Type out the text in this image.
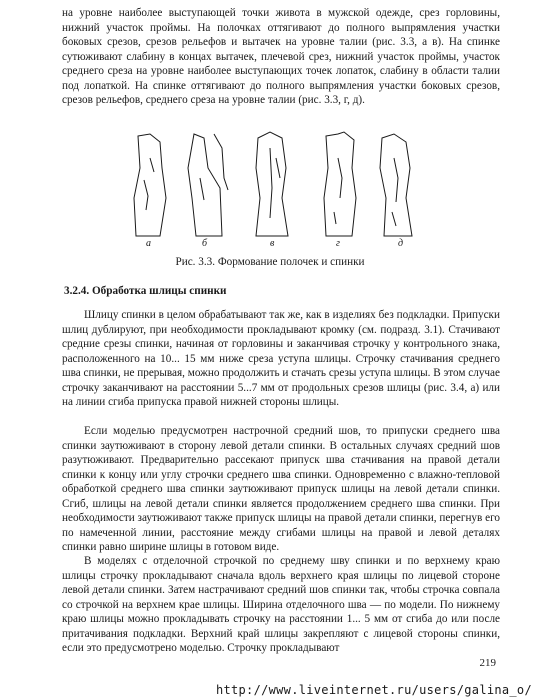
на уровне наиболее выступающей точки живота в мужской одежде, срез горловины, нижний участок проймы. На полочках оттягивают до полного выпрямления участки боковых срезов, срезов рельефов и вытачек на уровне талии (рис. 3.3, а в). На спинке сутюживают слабину в концах вытачек, плечевой срез, нижний участок проймы, участок среднего среза на уровне наиболее выступающих точек лопаток, слабину в области талии под лопаткой. На спинке оттягивают до полного выпрямления участки боковых срезов, срезов рельефов, среднего среза на уровне талии (рис. 3.3, г, д).

а	б	в	г	д

Рис. 3.3. Формование полочек и спинки

3.2.4. Обработка шлицы спинки

Шлицу спинки в целом обрабатывают так же, как в изделиях без подкладки. Припуски шлиц дублируют, при необходимости прокладывают кромку (см. подразд. 3.1). Стачивают средние срезы спинки, начиная от горловины и заканчивая строчку у контрольного знака, расположенного на 10... 15 мм ниже среза уступа шлицы. Строчку стачивания среднего шва спинки, не прерывая, можно продолжить и стачать срезы уступа шлицы. В этом случае строчку заканчивают на расстоянии 5...7 мм от продольных срезов шлицы (рис. 3.4, а) или на линии сгиба припуска правой нижней стороны шлицы.

Если моделью предусмотрен настрочной средний шов, то припуски среднего шва спинки заутюживают в сторону левой детали спинки. В остальных случаях средний шов разутюживают. Предварительно рассекают припуск шва стачивания на правой детали спинки к концу или углу строчки среднего шва спинки. Одновременно с влажно-тепловой обработкой среднего шва спинки заутюживают припуск шлицы на левой детали спинки. Сгиб, шлицы на левой детали спинки является продолжением среднего шва спинки. При необходимости заутюживают также припуск шлицы на правой детали спинки, перегнув его по намеченной линии, расстояние между сгибами шлицы на правой и левой деталях спинки равно ширине шлицы в готовом виде.

В моделях с отделочной строчкой по среднему шву спинки и по верхнему краю шлицы строчку прокладывают сначала вдоль верхнего края шлицы по лицевой стороне левой детали спинки. Затем настрачивают средний шов спинки так, чтобы строчка совпала со строчкой на верхнем крае шлицы. Ширина отделочного шва — по модели. По нижнему краю шлицы можно прокладывать строчку на расстоянии 1... 5 мм от сгиба до или после притачивания подкладки. Верхний край шлицы закрепляют с лицевой стороны спинки, если это предусмотрено моделью. Строчку прокладывают

219
http://www.liveinternet.ru/users/galina_o/
